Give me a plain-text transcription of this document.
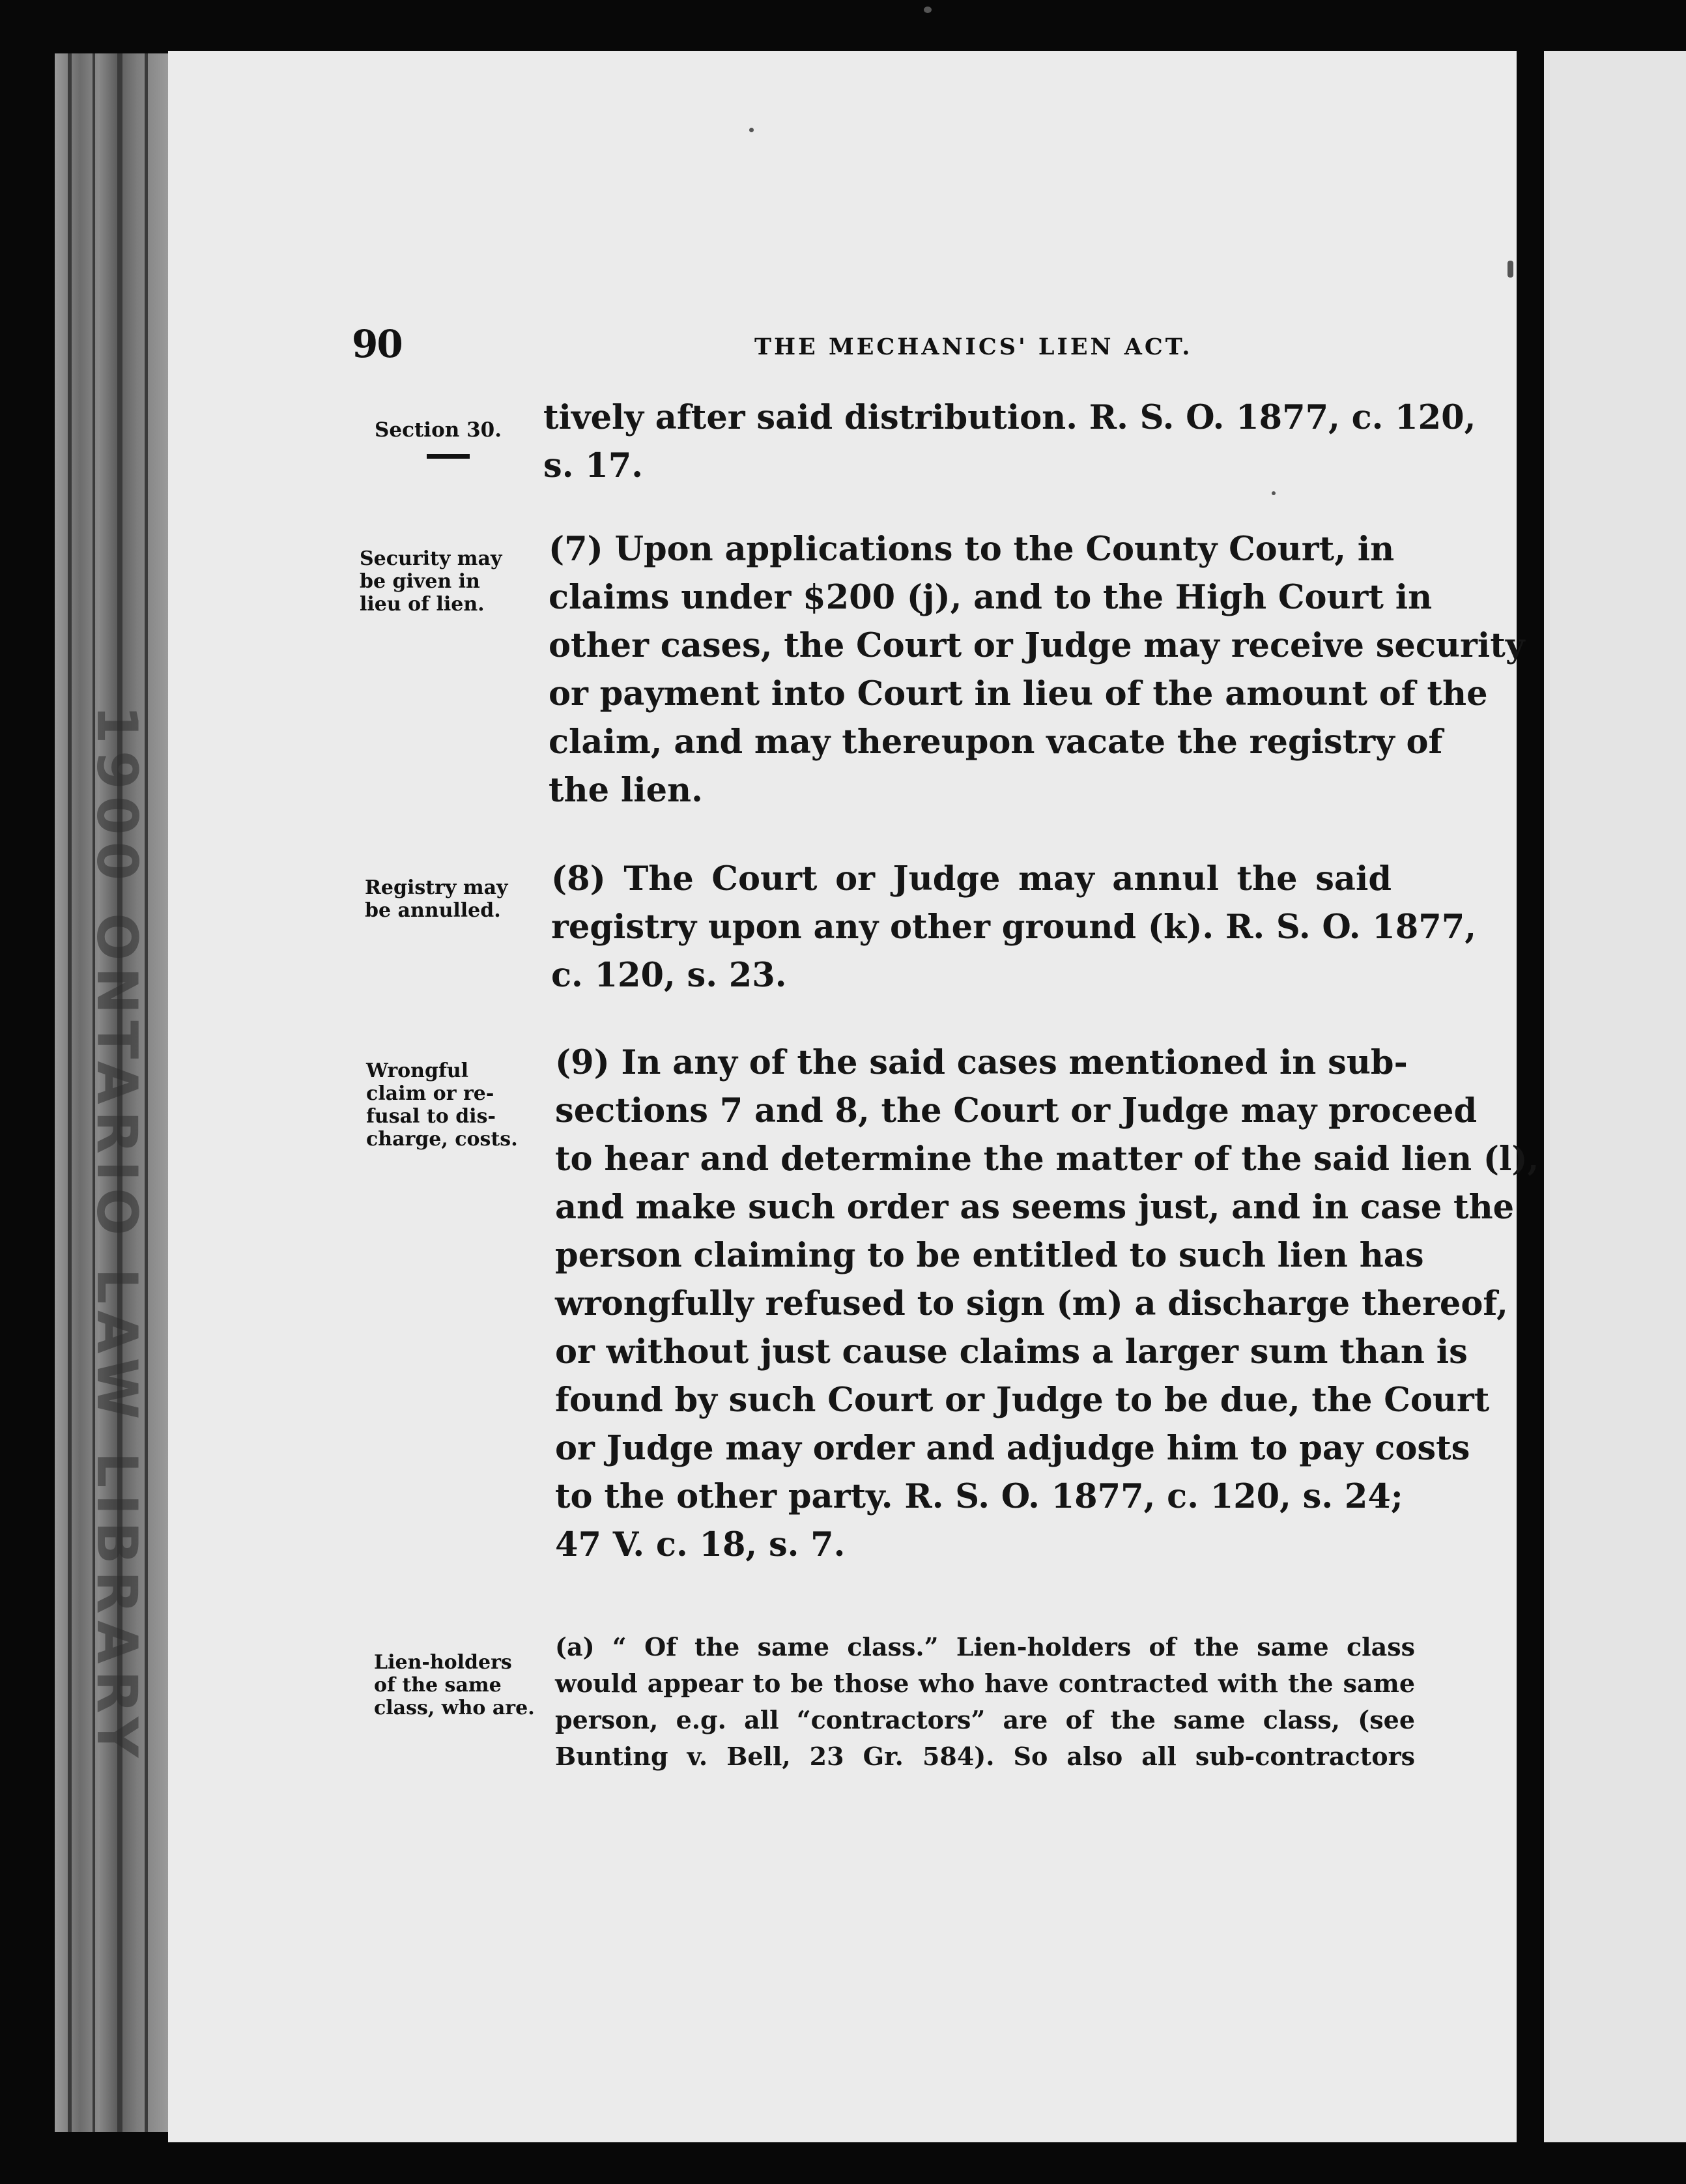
1900 ONTARIO LAW LIBRARY
90	THE MECHANICS' LIEN ACT.
Section 30. tively after said distribution. R. S. O. 1877, c. 120,
s. 17.
Security may
be given in
lieu of lien.
(7) Upon applications to the County Court, in
claims under $200 (j), and to the High Court in
other cases, the Court or Judge may receive security
or payment into Court in lieu of the amount of the
claim, and may thereupon vacate the registry of
the lien.
Registry may
be annulled.
(8) The Court or Judge may annul the said
registry upon any other ground (k). R. S. O. 1877,
c. 120, s. 23.
Wrongful
claim or re-
fusal to dis-
charge, costs.
(9) In any of the said cases mentioned in sub-
sections 7 and 8, the Court or Judge may proceed
to hear and determine the matter of the said lien (l),
and make such order as seems just, and in case the
person claiming to be entitled to such lien has
wrongfully refused to sign (m) a discharge thereof,
or without just cause claims a larger sum than is
found by such Court or Judge to be due, the Court
or Judge may order and adjudge him to pay costs
to the other party. R. S. O. 1877, c. 120, s. 24;
47 V. c. 18, s. 7.
Lien-holders
of the same
class, who are.
(a) “ Of the same class.” Lien-holders of the same class
would appear to be those who have contracted with the same
person, e.g. all “contractors” are of the same class, (see
Bunting v. Bell, 23 Gr. 584). So also all sub-contractors
